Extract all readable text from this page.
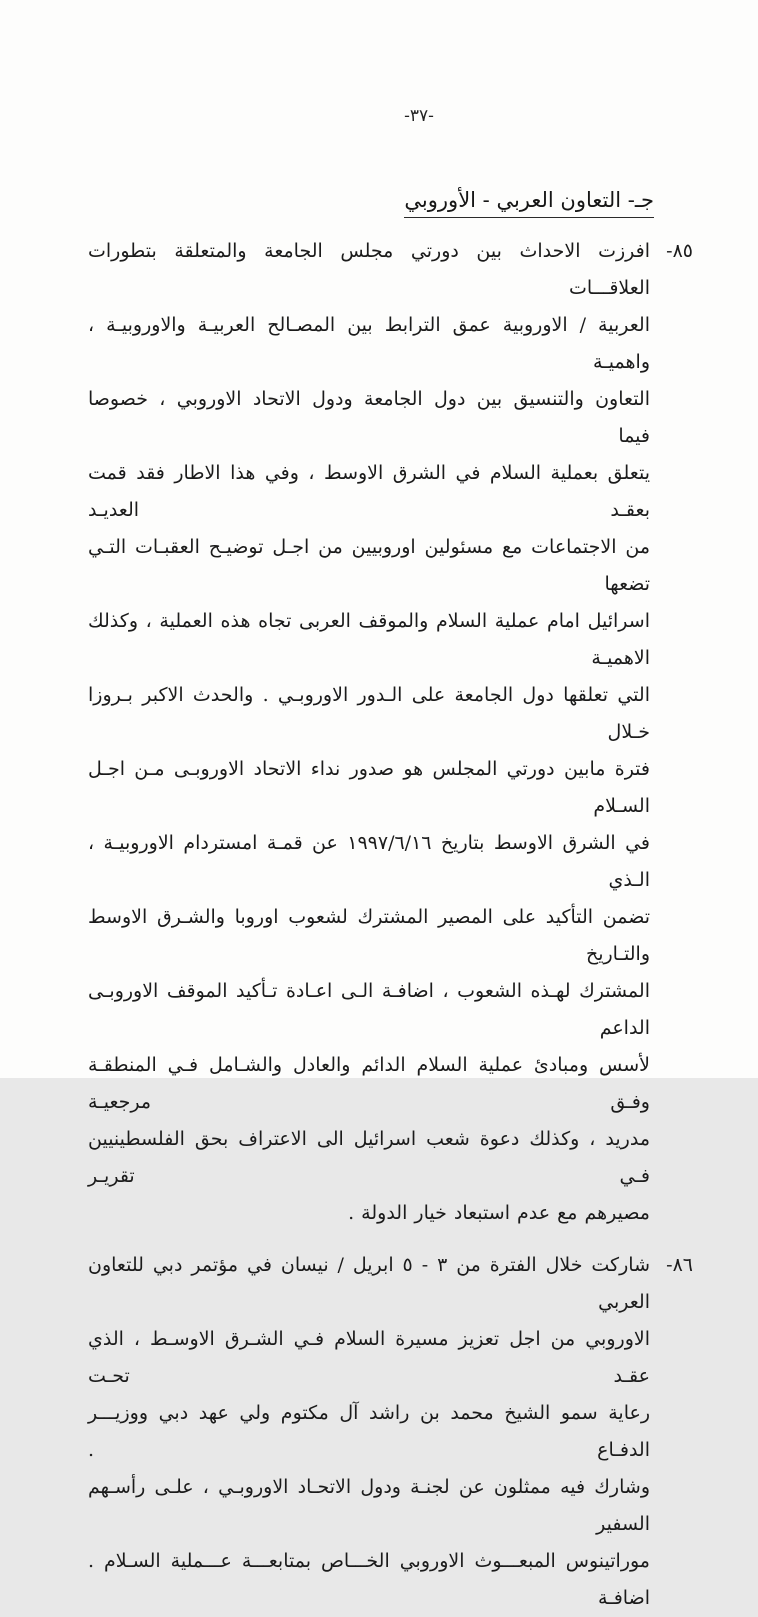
-٣٧-
جـ- التعاون العربي - الأوروبي
٨٥-
افرزت الاحداث بين دورتي مجلس الجامعة والمتعلقة بتطورات العلاقـــات
العربية / الاوروبية عمق الترابط بين المصـالح العربيـة والاوروبيـة ، واهميـة
التعاون والتنسيق بين دول الجامعة ودول الاتحاد الاوروبي ، خصوصا فيما
يتعلق بعملية السلام في الشرق الاوسط ، وفي هذا الاطار فقد قمت بعقـد العديـد
من الاجتماعات مع مسئولين اوروبيين من اجـل توضيـح العقبـات التـي تضعها
اسرائيل امام عملية السلام والموقف العربى تجاه هذه العملية ، وكذلك الاهميـة
التي تعلقها دول الجامعة على الـدور الاوروبـي . والحدث الاكبر بـروزا خـلال
فترة مابين دورتي المجلس هو صدور نداء الاتحاد الاوروبـى مـن اجـل السـلام
في الشرق الاوسط بتاريخ ١٩٩٧/٦/١٦ عن قمـة امستردام الاوروبيـة ، الـذي
تضمن التأكيد على المصير المشترك لشعوب اوروبا والشـرق الاوسط والتـاريخ
المشترك لهـذه الشعوب ، اضافـة الـى اعـادة تـأكيد الموقف الاوروبـى الداعم
لأسس ومبادئ عملية السلام الدائم والعادل والشـامل فـي المنطقـة وفـق مرجعيـة
مدريد ، وكذلك دعوة شعب اسرائيل الى الاعتراف بحق الفلسطينيين فـي تقريـر
مصيرهم مع عدم استبعاد خيار الدولة .
٨٦-
شاركت خلال الفترة من ٣ - ٥ ابريل / نيسان في مؤتمر دبي للتعاون العربي
الاوروبي من اجل تعزيز مسيرة السلام فـي الشـرق الاوسـط ، الذي عقـد تحـت
رعاية سمو الشيخ محمد بن راشد آل مكتوم ولي عهد دبي ووزيـــر الدفـاع .
وشارك فيه ممثلون عن لجنـة ودول الاتحـاد الاوروبـي ، علـى رأسـهم السفير
موراتينوس المبعـــوث الاوروبي الخـــاص بمتابعـــة عـــملية السـلام . اضافـة
